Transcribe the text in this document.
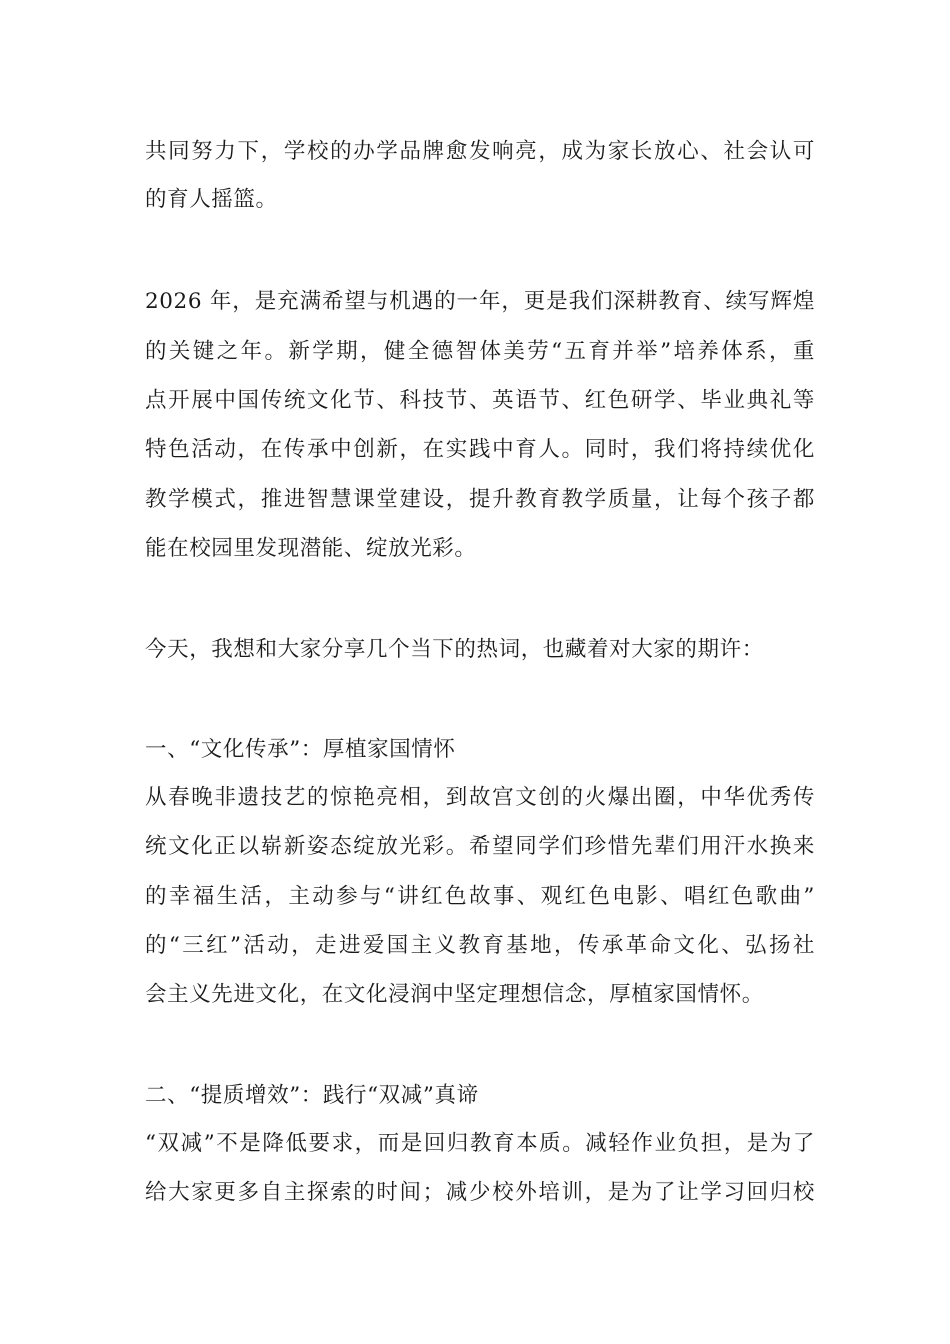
共同努力下，学校的办学品牌愈发响亮，成为家长放心、社会认可
的育人摇篮。
2026 年，是充满希望与机遇的一年，更是我们深耕教育、续写辉煌
的关键之年。新学期，健全德智体美劳“五育并举”培养体系，重
点开展中国传统文化节、科技节、英语节、红色研学、毕业典礼等
特色活动，在传承中创新，在实践中育人。同时，我们将持续优化
教学模式，推进智慧课堂建设，提升教育教学质量，让每个孩子都
能在校园里发现潜能、绽放光彩。
今天，我想和大家分享几个当下的热词，也藏着对大家的期许：
一、“文化传承”：厚植家国情怀
从春晚非遗技艺的惊艳亮相，到故宫文创的火爆出圈，中华优秀传
统文化正以崭新姿态绽放光彩。希望同学们珍惜先辈们用汗水换来
的幸福生活，主动参与“讲红色故事、观红色电影、唱红色歌曲”
的“三红”活动，走进爱国主义教育基地，传承革命文化、弘扬社
会主义先进文化，在文化浸润中坚定理想信念，厚植家国情怀。
二、“提质增效”：践行“双减”真谛
“双减”不是降低要求，而是回归教育本质。减轻作业负担，是为了
给大家更多自主探索的时间；减少校外培训，是为了让学习回归校
